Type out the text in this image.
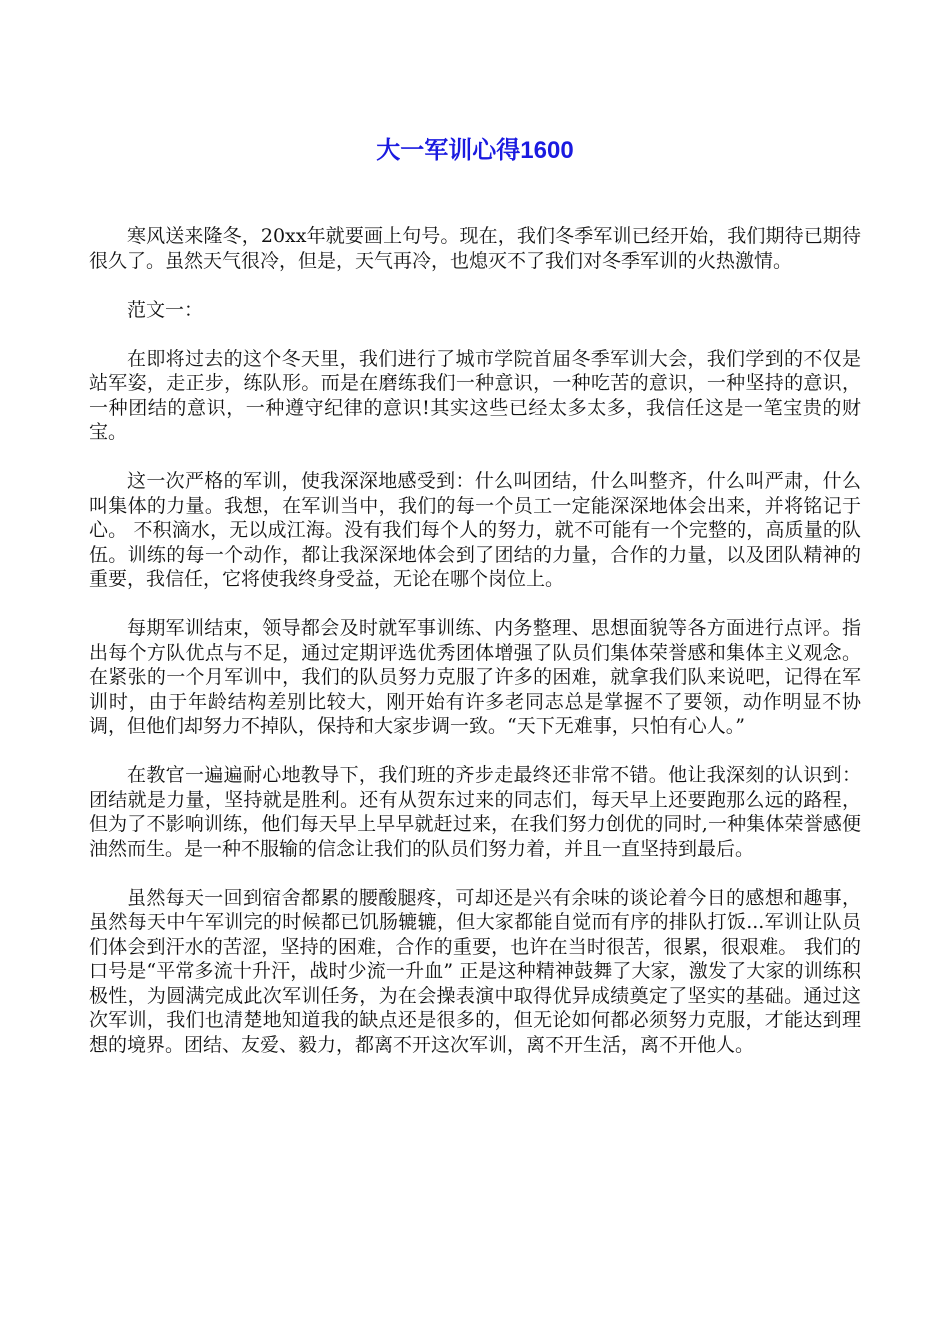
大一军训心得1600

寒风送来隆冬，20xx年就要画上句号。现在，我们冬季军训已经开始，我们期待已期待很久了。虽然天气很冷，但是，天气再冷，也熄灭不了我们对冬季军训的火热激情。

范文一：

在即将过去的这个冬天里，我们进行了城市学院首届冬季军训大会，我们学到的不仅是站军姿，走正步，练队形。而是在磨练我们一种意识，一种吃苦的意识，一种坚持的意识，一种团结的意识，一种遵守纪律的意识!其实这些已经太多太多，我信任这是一笔宝贵的财宝。

这一次严格的军训，使我深深地感受到：什么叫团结，什么叫整齐，什么叫严肃，什么叫集体的力量。我想，在军训当中，我们的每一个员工一定能深深地体会出来，并将铭记于心。 不积滴水，无以成江海。没有我们每个人的努力，就不可能有一个完整的，高质量的队伍。训练的每一个动作，都让我深深地体会到了团结的力量，合作的力量，以及团队精神的重要，我信任，它将使我终身受益，无论在哪个岗位上。

每期军训结束，领导都会及时就军事训练、内务整理、思想面貌等各方面进行点评。指出每个方队优点与不足，通过定期评选优秀团体增强了队员们集体荣誉感和集体主义观念。在紧张的一个月军训中，我们的队员努力克服了许多的困难，就拿我们队来说吧，记得在军训时，由于年龄结构差别比较大，刚开始有许多老同志总是掌握不了要领，动作明显不协调，但他们却努力不掉队，保持和大家步调一致。“天下无难事，只怕有心人。”

在教官一遍遍耐心地教导下，我们班的齐步走最终还非常不错。他让我深刻的认识到：团结就是力量，坚持就是胜利。还有从贺东过来的同志们，每天早上还要跑那么远的路程，但为了不影响训练，他们每天早上早早就赶过来，在我们努力创优的同时,一种集体荣誉感便油然而生。是一种不服输的信念让我们的队员们努力着，并且一直坚持到最后。

虽然每天一回到宿舍都累的腰酸腿疼，可却还是兴有余味的谈论着今日的感想和趣事，虽然每天中午军训完的时候都已饥肠辘辘，但大家都能自觉而有序的排队打饭...军训让队员们体会到汗水的苦涩，坚持的困难，合作的重要，也许在当时很苦，很累，很艰难。 我们的口号是“平常多流十升汗，战时少流一升血” 正是这种精神鼓舞了大家，激发了大家的训练积极性，为圆满完成此次军训任务，为在会操表演中取得优异成绩奠定了坚实的基础。通过这次军训，我们也清楚地知道我的缺点还是很多的，但无论如何都必须努力克服，才能达到理想的境界。团结、友爱、毅力，都离不开这次军训，离不开生活，离不开他人。
